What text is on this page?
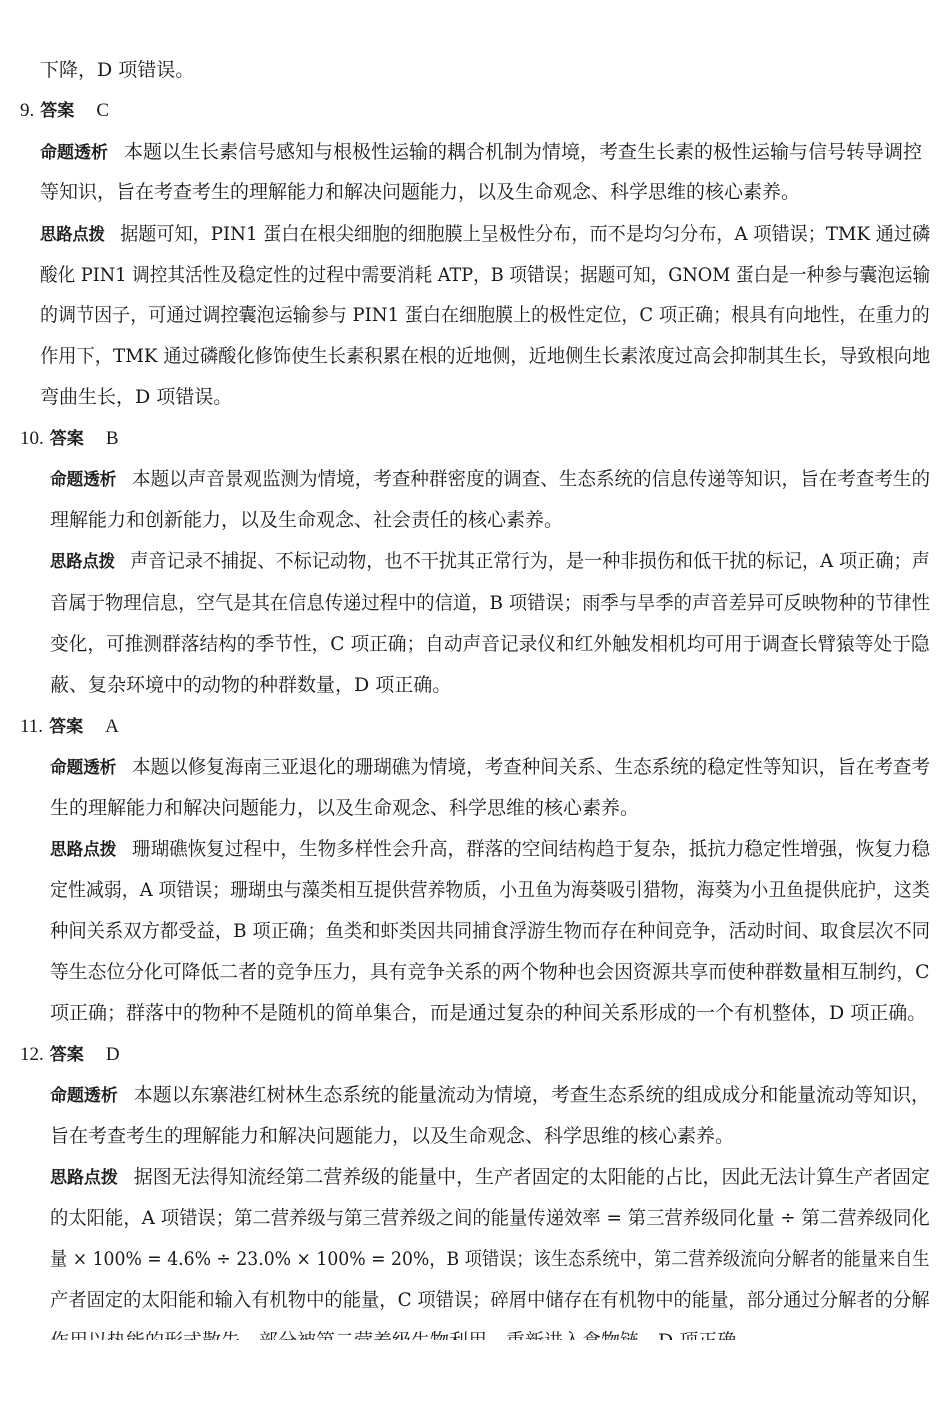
下降，D 项错误。
9. 答案 C
命题透析 本题以生长素信号感知与根极性运输的耦合机制为情境，考查生长素的极性运输与信号转导调控
等知识，旨在考查考生的理解能力和解决问题能力，以及生命观念、科学思维的核心素养。
思路点拨 据题可知，PIN1 蛋白在根尖细胞的细胞膜上呈极性分布，而不是均匀分布，A 项错误；TMK 通过磷
酸化 PIN1 调控其活性及稳定性的过程中需要消耗 ATP，B 项错误；据题可知，GNOM 蛋白是一种参与囊泡运输
的调节因子，可通过调控囊泡运输参与 PIN1 蛋白在细胞膜上的极性定位，C 项正确；根具有向地性，在重力的
作用下，TMK 通过磷酸化修饰使生长素积累在根的近地侧，近地侧生长素浓度过高会抑制其生长，导致根向地
弯曲生长，D 项错误。
10. 答案 B
命题透析 本题以声音景观监测为情境，考查种群密度的调查、生态系统的信息传递等知识，旨在考查考生的
理解能力和创新能力，以及生命观念、社会责任的核心素养。
思路点拨 声音记录不捕捉、不标记动物，也不干扰其正常行为，是一种非损伤和低干扰的标记，A 项正确；声
音属于物理信息，空气是其在信息传递过程中的信道，B 项错误；雨季与旱季的声音差异可反映物种的节律性
变化，可推测群落结构的季节性，C 项正确；自动声音记录仪和红外触发相机均可用于调查长臂猿等处于隐
蔽、复杂环境中的动物的种群数量，D 项正确。
11. 答案 A
命题透析 本题以修复海南三亚退化的珊瑚礁为情境，考查种间关系、生态系统的稳定性等知识，旨在考查考
生的理解能力和解决问题能力，以及生命观念、科学思维的核心素养。
思路点拨 珊瑚礁恢复过程中，生物多样性会升高，群落的空间结构趋于复杂，抵抗力稳定性增强，恢复力稳
定性减弱，A 项错误；珊瑚虫与藻类相互提供营养物质，小丑鱼为海葵吸引猎物，海葵为小丑鱼提供庇护，这类
种间关系双方都受益，B 项正确；鱼类和虾类因共同捕食浮游生物而存在种间竞争，活动时间、取食层次不同
等生态位分化可降低二者的竞争压力，具有竞争关系的两个物种也会因资源共享而使种群数量相互制约，C
项正确；群落中的物种不是随机的简单集合，而是通过复杂的种间关系形成的一个有机整体，D 项正确。
12. 答案 D
命题透析 本题以东寨港红树林生态系统的能量流动为情境，考查生态系统的组成成分和能量流动等知识，
旨在考查考生的理解能力和解决问题能力，以及生命观念、科学思维的核心素养。
思路点拨 据图无法得知流经第二营养级的能量中，生产者固定的太阳能的占比，因此无法计算生产者固定
的太阳能，A 项错误；第二营养级与第三营养级之间的能量传递效率 = 第三营养级同化量 ÷ 第二营养级同化
量 × 100% = 4.6% ÷ 23.0% × 100% = 20%，B 项错误；该生态系统中，第二营养级流向分解者的能量来自生
产者固定的太阳能和输入有机物中的能量，C 项错误；碎屑中储存在有机物中的能量，部分通过分解者的分解
